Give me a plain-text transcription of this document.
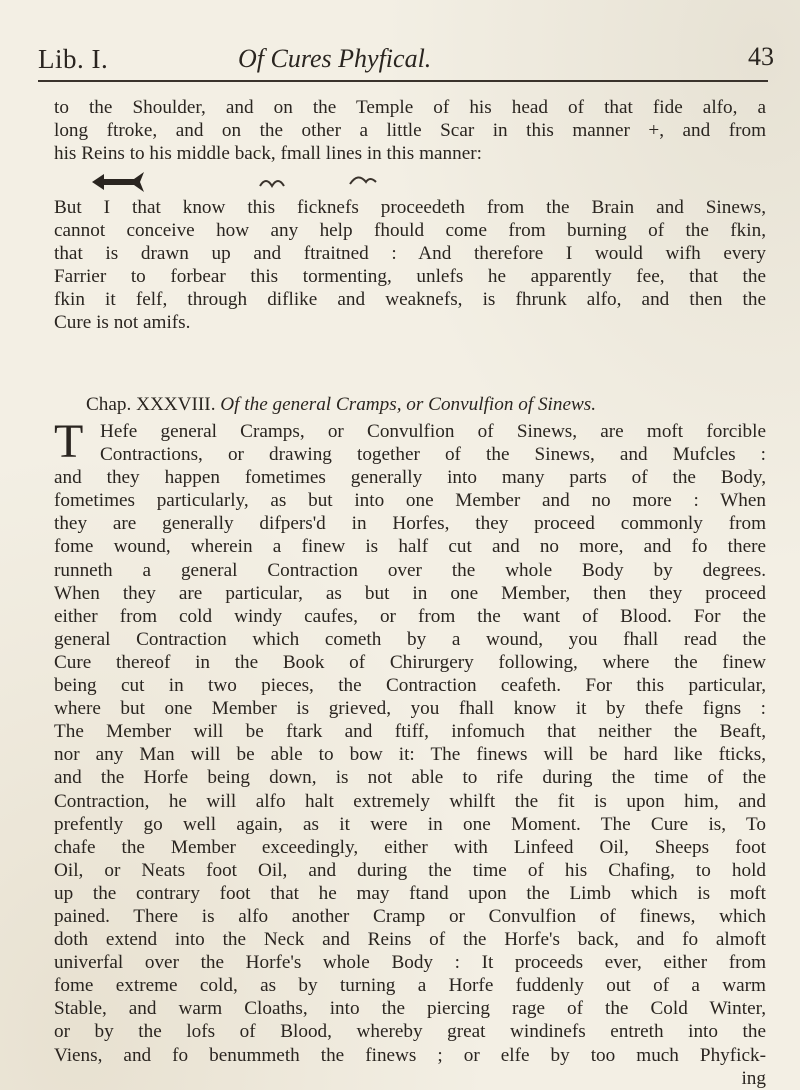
Lib. I.	Of Cures Phyfical.	43
to the Shoulder, and on the Temple of his head of that fide alfo, a
long ftroke, and on the other a little Scar in this manner +, and from
his Reins to his middle back, fmall lines in this manner:
But I that know this ficknefs proceedeth from the Brain and Sinews,
cannot conceive how any help fhould come from burning of the fkin,
that is drawn up and ftraitned : And therefore I would wifh every
Farrier to forbear this tormenting, unlefs he apparently fee, that the
fkin it felf, through diflike and weaknefs, is fhrunk alfo, and then the
Cure is not amifs.
Chap. XXXVIII. Of the general Cramps, or Convulfion of Sinews.
T Hefe general Cramps, or Convulfion of Sinews, are moft forcible
Contractions, or drawing together of the Sinews, and Mufcles :
and they happen fometimes generally into many parts of the Body,
fometimes particularly, as but into one Member and no more : When
they are generally difpers'd in Horfes, they proceed commonly from
fome wound, wherein a finew is half cut and no more, and fo there
runneth a general Contraction over the whole Body by degrees.
When they are particular, as but in one Member, then they proceed
either from cold windy caufes, or from the want of Blood. For the
general Contraction which cometh by a wound, you fhall read the
Cure thereof in the Book of Chirurgery following, where the finew
being cut in two pieces, the Contraction ceafeth. For this particular,
where but one Member is grieved, you fhall know it by thefe figns :
The Member will be ftark and ftiff, infomuch that neither the Beaft,
nor any Man will be able to bow it: The finews will be hard like fticks,
and the Horfe being down, is not able to rife during the time of the
Contraction, he will alfo halt extremely whilft the fit is upon him, and
prefently go well again, as it were in one Moment. The Cure is, To
chafe the Member exceedingly, either with Linfeed Oil, Sheeps foot
Oil, or Neats foot Oil, and during the time of his Chafing, to hold
up the contrary foot that he may ftand upon the Limb which is moft
pained. There is alfo another Cramp or Convulfion of finews, which
doth extend into the Neck and Reins of the Horfe's back, and fo almoft
univerfal over the Horfe's whole Body : It proceeds ever, either from
fome extreme cold, as by turning a Horfe fuddenly out of a warm
Stable, and warm Cloaths, into the piercing rage of the Cold Winter,
or by the lofs of Blood, whereby great windinefs entreth into the
Viens, and fo benummeth the finews ; or elfe by too much Phyfick-
ing
